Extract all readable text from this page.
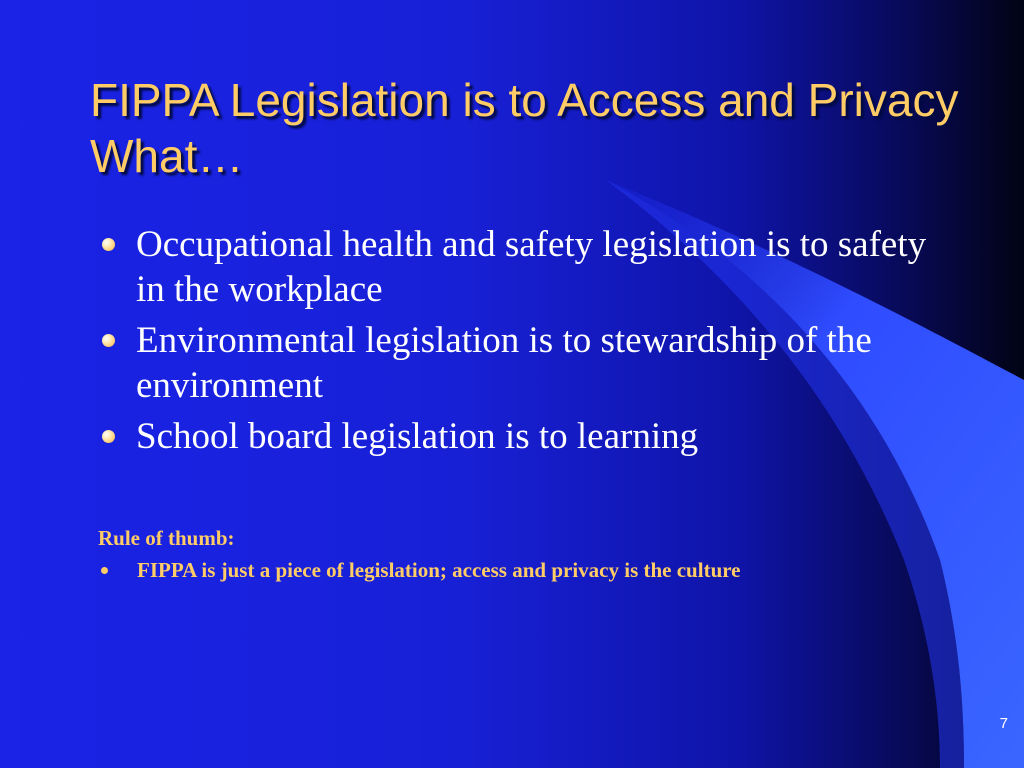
FIPPA Legislation is to Access and Privacy What…
Occupational health and safety legislation is to safety in the workplace
Environmental legislation is to stewardship of the environment
School board legislation is to learning

Rule of thumb:

FIPPA is just a piece of legislation; access and privacy is the culture
7
